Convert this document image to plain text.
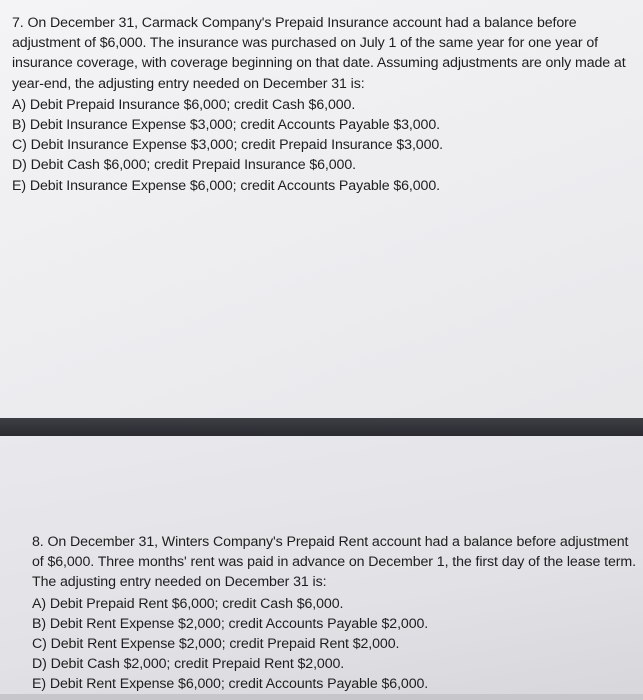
7. On December 31, Carmack Company's Prepaid Insurance account had a balance before adjustment of $6,000. The insurance was purchased on July 1 of the same year for one year of insurance coverage, with coverage beginning on that date. Assuming adjustments are only made at year-end, the adjusting entry needed on December 31 is:

A) Debit Prepaid Insurance $6,000; credit Cash $6,000.

B) Debit Insurance Expense $3,000; credit Accounts Payable $3,000.

C) Debit Insurance Expense $3,000; credit Prepaid Insurance $3,000.

D) Debit Cash $6,000; credit Prepaid Insurance $6,000.

E) Debit Insurance Expense $6,000; credit Accounts Payable $6,000.

8. On December 31, Winters Company's Prepaid Rent account had a balance before adjustment of $6,000. Three months' rent was paid in advance on December 1, the first day of the lease term. The adjusting entry needed on December 31 is:

A) Debit Prepaid Rent $6,000; credit Cash $6,000.

B) Debit Rent Expense $2,000; credit Accounts Payable $2,000.

C) Debit Rent Expense $2,000; credit Prepaid Rent $2,000.

D) Debit Cash $2,000; credit Prepaid Rent $2,000.

E) Debit Rent Expense $6,000; credit Accounts Payable $6,000.
